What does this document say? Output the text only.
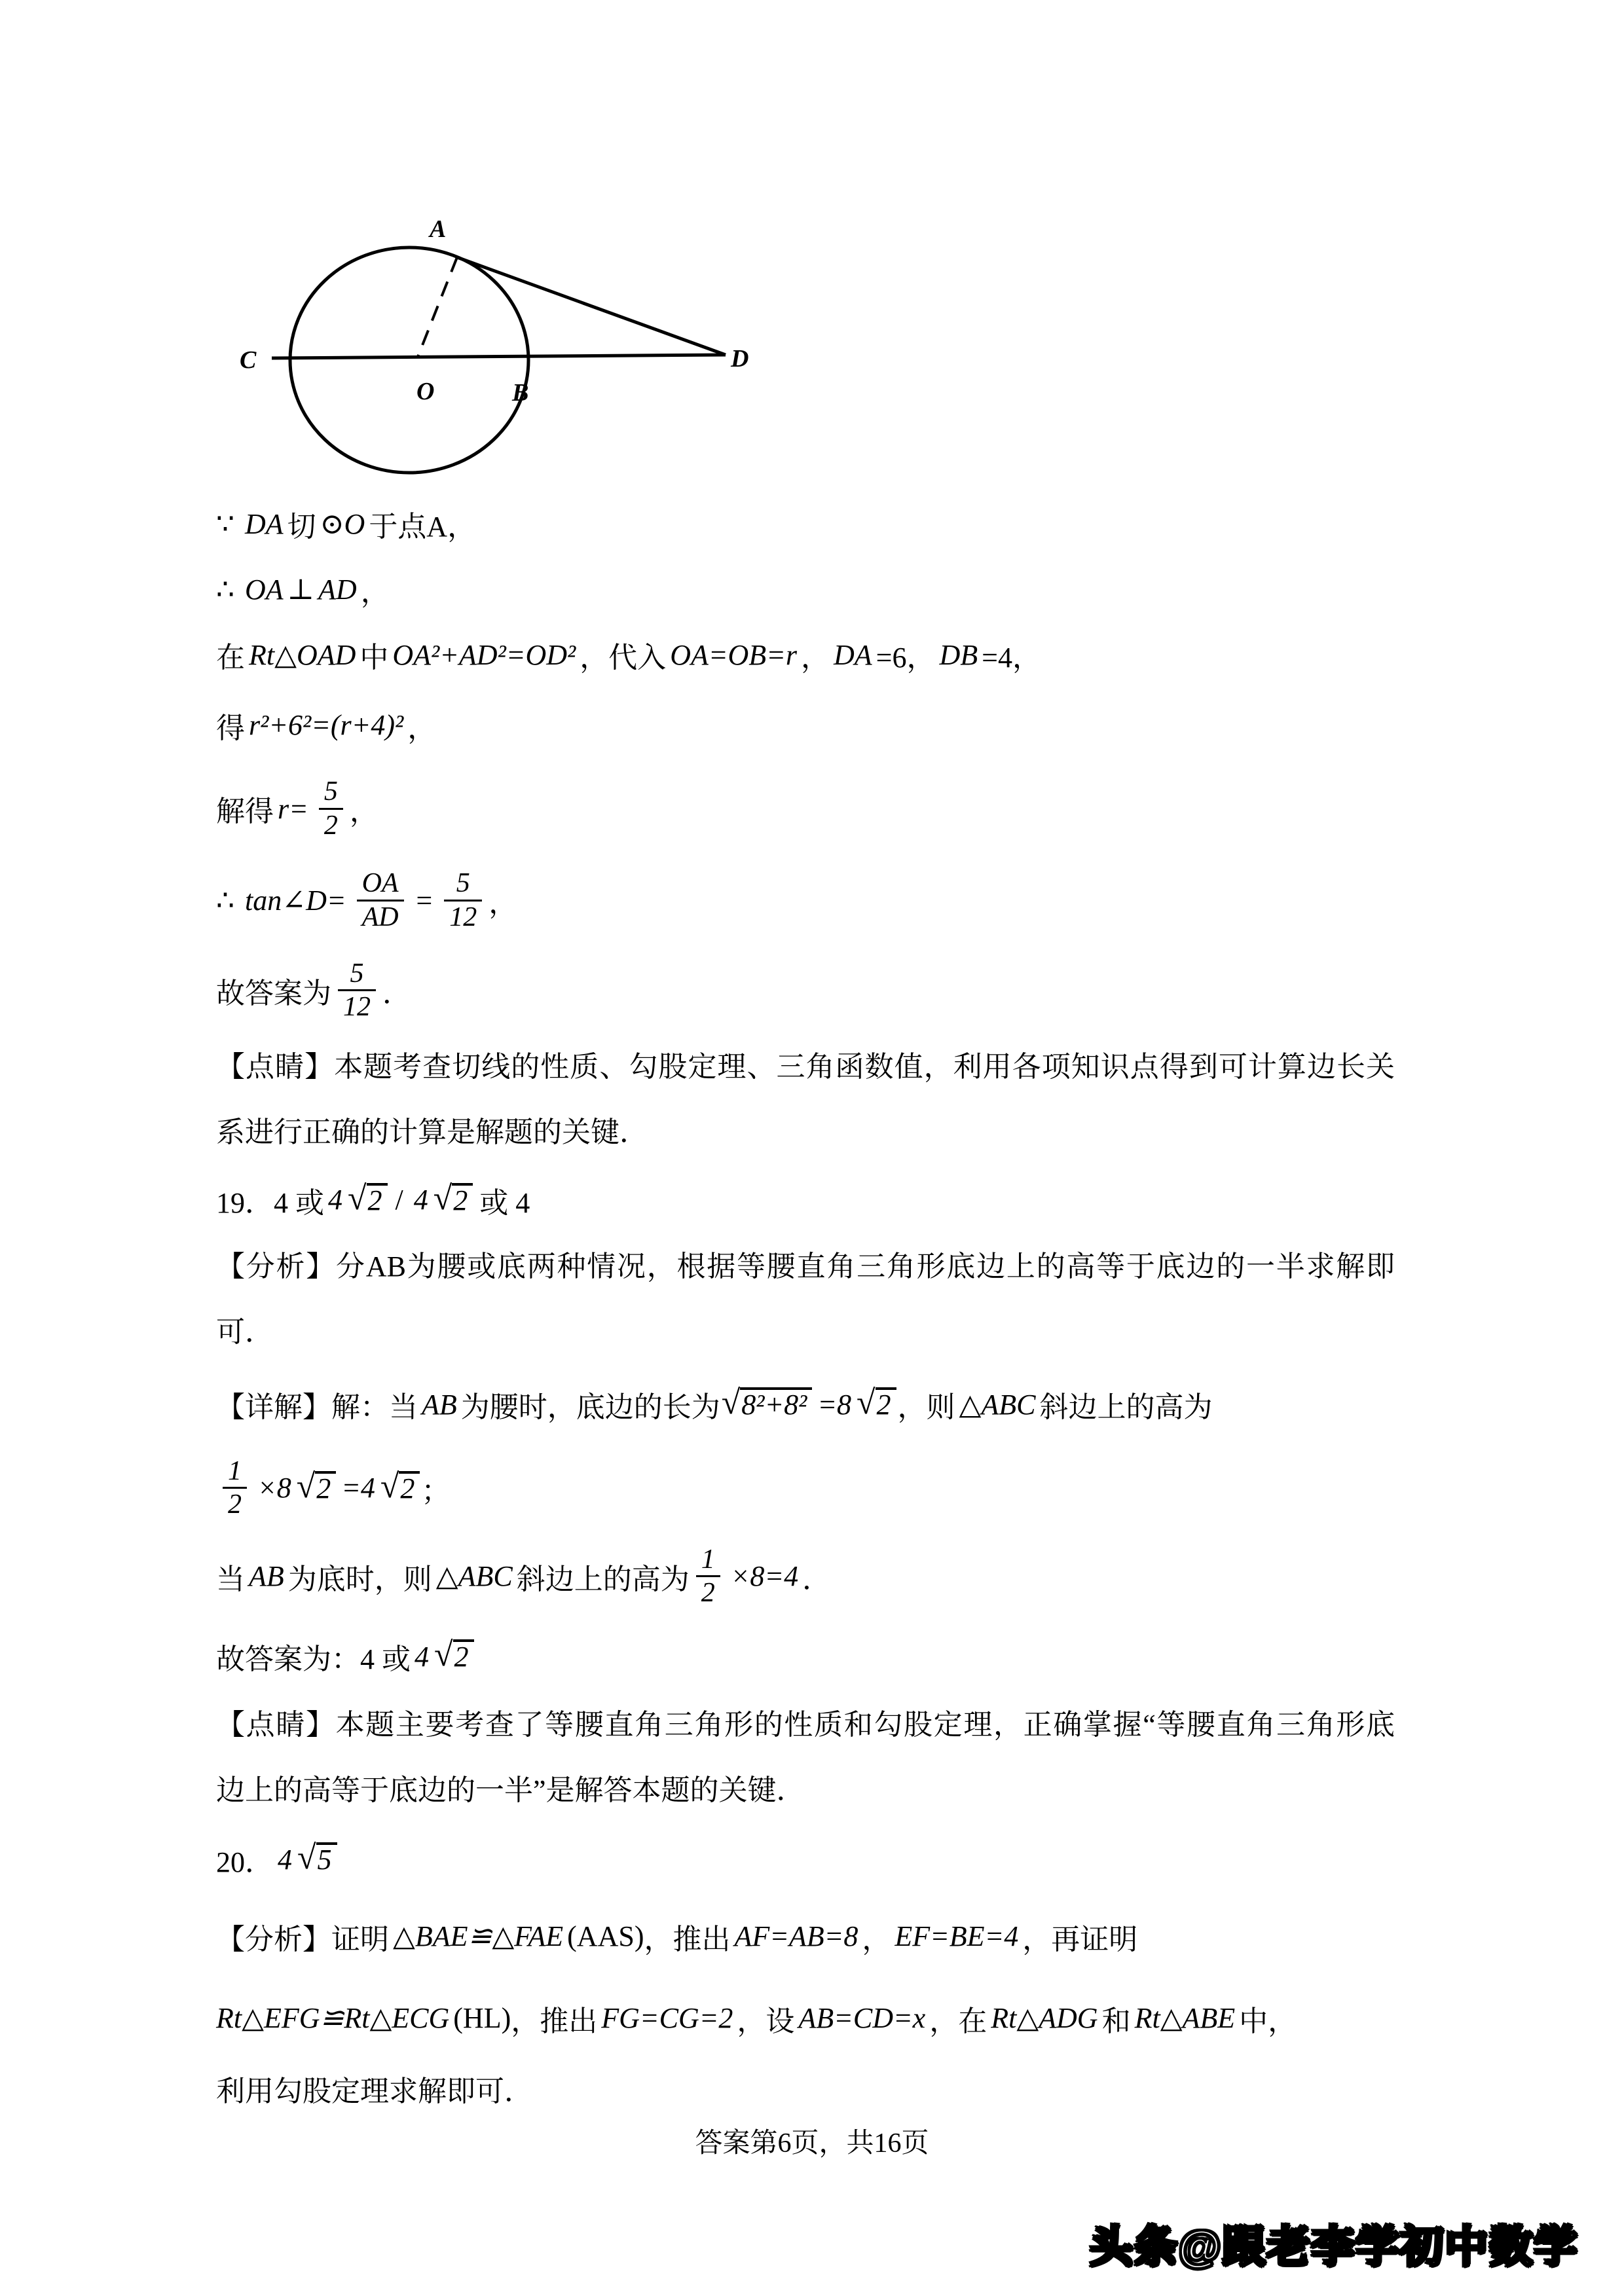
A
C
O	B
D
∵ DA 切 ⊙O 于点A，
∴ OA ⊥ AD ，
在 Rt△OAD 中 OA²+AD²=OD² ，代入 OA=OB=r ， DA =6， DB =4，
得 r²+6²=(r+4)² ，
解得 $r= \frac{5}{2}$ ，
∴ tan∠D= $\frac{OA}{AD} = \frac{5}{12}$ ，
故答案为 $\frac{5}{12}$ ．
【点睛】本题考查切线的性质、勾股定理、三角函数值，利用各项知识点得到可计算边长关
系进行正确的计算是解题的关键．
19．4 或 4 √ 2 / 4 √ 2 或 4
【分析】分AB为腰或底两种情况，根据等腰直角三角形底边上的高等于底边的一半求解即
可．
【详解】解：当 AB 为腰时，底边的长为 √ 8²+8² =8 √ 2 ，则 △ABC 斜边上的高为
$\frac{1}{2} \times 8$ √ 2 =4 √ 2 ；
当 AB 为底时，则 △ABC 斜边上的高为 $\frac{1}{2} \times 8=4$ ．
故答案为：4 或 4 √ 2
【点睛】本题主要考查了等腰直角三角形的性质和勾股定理，正确掌握“等腰直角三角形底
边上的高等于底边的一半”是解答本题的关键．
20． 4 √ 5
【分析】证明 △BAE≌△FAE (AAS) ，推出 AF=AB=8 ， EF=BE=4 ，再证明
Rt△EFG≌Rt△ECG (HL) ，推出 FG=CG=2 ，设 AB=CD=x ，在 Rt△ADG 和 Rt△ABE 中，
利用勾股定理求解即可．
答案第6页，共16页
头条@跟老李学初中数学
